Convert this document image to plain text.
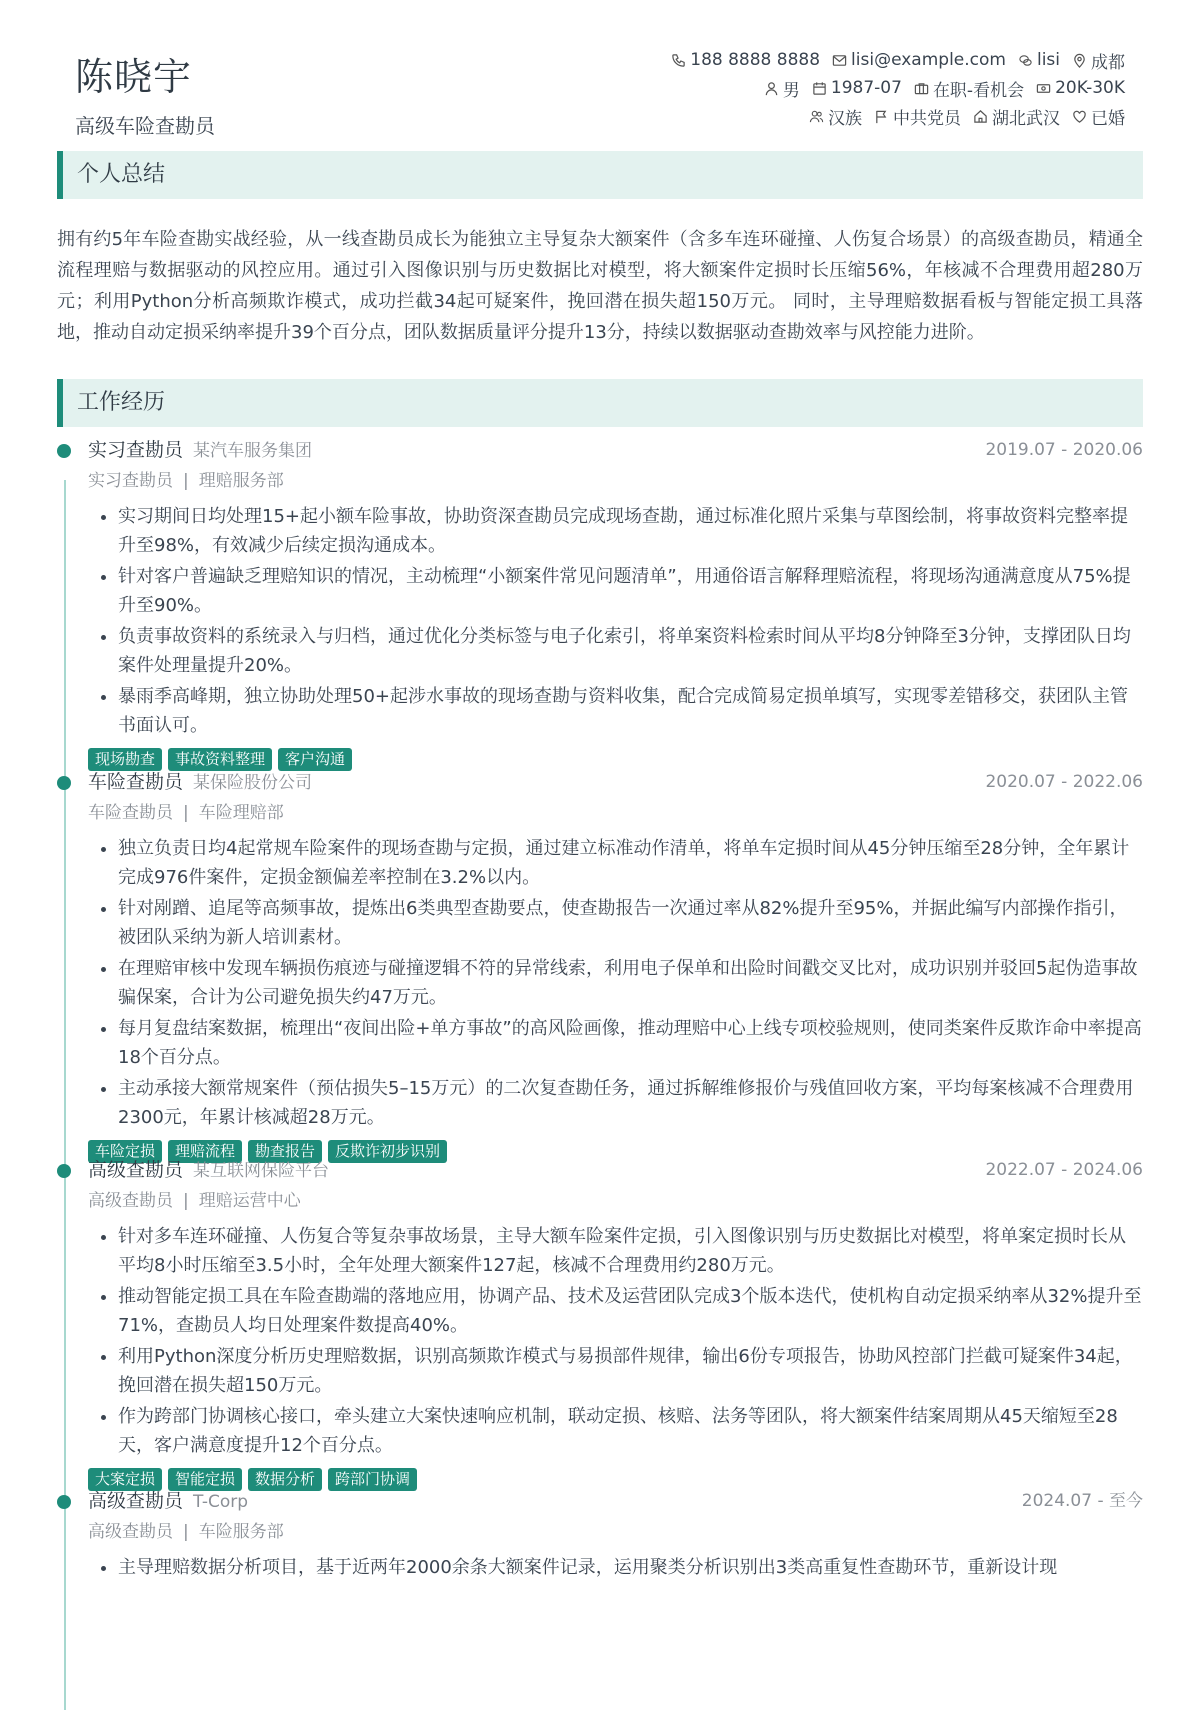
陈晓宇
高级车险查勘员
188 8888 8888 lisi@example.com lisi 成都
男 1987-07 在职-看机会 20K-30K
汉族 中共党员 湖北武汉 已婚
个人总结

拥有约5年车险查勘实战经验，从一线查勘员成长为能独立主导复杂大额案件（含多车连环碰撞、人伤复合场景）的高级查勘员，精通全流程理赔与数据驱动的风控应用。通过引入图像识别与历史数据比对模型，将大额案件定损时长压缩56%，年核减不合理费用超280万元；利用Python分析高频欺诈模式，成功拦截34起可疑案件，挽回潜在损失超150万元。 同时，主导理赔数据看板与智能定损工具落地，推动自动定损采纳率提升39个百分点，团队数据质量评分提升13分，持续以数据驱动查勘效率与风控能力进阶。

工作经历
实习查勘员 某汽车服务集团	2019.07 - 2020.06
实习查勘员 | 理赔服务部
• 实习期间日均处理15+起小额车险事故，协助资深查勘员完成现场查勘，通过标准化照片采集与草图绘制，将事故资料完整率提升至98%，有效减少后续定损沟通成本。
• 针对客户普遍缺乏理赔知识的情况，主动梳理“小额案件常见问题清单”，用通俗语言解释理赔流程，将现场沟通满意度从75%提升至90%。
• 负责事故资料的系统录入与归档，通过优化分类标签与电子化索引，将单案资料检索时间从平均8分钟降至3分钟，支撑团队日均案件处理量提升20%。
• 暴雨季高峰期，独立协助处理50+起涉水事故的现场查勘与资料收集，配合完成简易定损单填写，实现零差错移交，获团队主管书面认可。
现场勘查	事故资料整理	客户沟通
车险查勘员 某保险股份公司	2020.07 - 2022.06
车险查勘员 | 车险理赔部
• 独立负责日均4起常规车险案件的现场查勘与定损，通过建立标准动作清单，将单车定损时间从45分钟压缩至28分钟，全年累计完成976件案件，定损金额偏差率控制在3.2%以内。
• 针对剐蹭、追尾等高频事故，提炼出6类典型查勘要点，使查勘报告一次通过率从82%提升至95%，并据此编写内部操作指引，被团队采纳为新人培训素材。
• 在理赔审核中发现车辆损伤痕迹与碰撞逻辑不符的异常线索，利用电子保单和出险时间戳交叉比对，成功识别并驳回5起伪造事故骗保案，合计为公司避免损失约47万元。
• 每月复盘结案数据，梳理出“夜间出险+单方事故”的高风险画像，推动理赔中心上线专项校验规则，使同类案件反欺诈命中率提高18个百分点。
• 主动承接大额常规案件（预估损失5–15万元）的二次复查勘任务，通过拆解维修报价与残值回收方案，平均每案核减不合理费用2300元，年累计核减超28万元。
车险定损	理赔流程	勘查报告	反欺诈初步识别
高级查勘员 某互联网保险平台	2022.07 - 2024.06
高级查勘员 | 理赔运营中心
• 针对多车连环碰撞、人伤复合等复杂事故场景，主导大额车险案件定损，引入图像识别与历史数据比对模型，将单案定损时长从平均8小时压缩至3.5小时，全年处理大额案件127起，核减不合理费用约280万元。
• 推动智能定损工具在车险查勘端的落地应用，协调产品、技术及运营团队完成3个版本迭代，使机构自动定损采纳率从32%提升至71%，查勘员人均日处理案件数提高40%。
• 利用Python深度分析历史理赔数据，识别高频欺诈模式与易损部件规律，输出6份专项报告，协助风控部门拦截可疑案件34起，挽回潜在损失超150万元。
• 作为跨部门协调核心接口，牵头建立大案快速响应机制，联动定损、核赔、法务等团队，将大额案件结案周期从45天缩短至28天，客户满意度提升12个百分点。
大案定损	智能定损	数据分析	跨部门协调
高级查勘员 T-Corp	2024.07 - 至今
高级查勘员 | 车险服务部
• 主导理赔数据分析项目，基于近两年2000余条大额案件记录，运用聚类分析识别出3类高重复性查勘环节，重新设计现
